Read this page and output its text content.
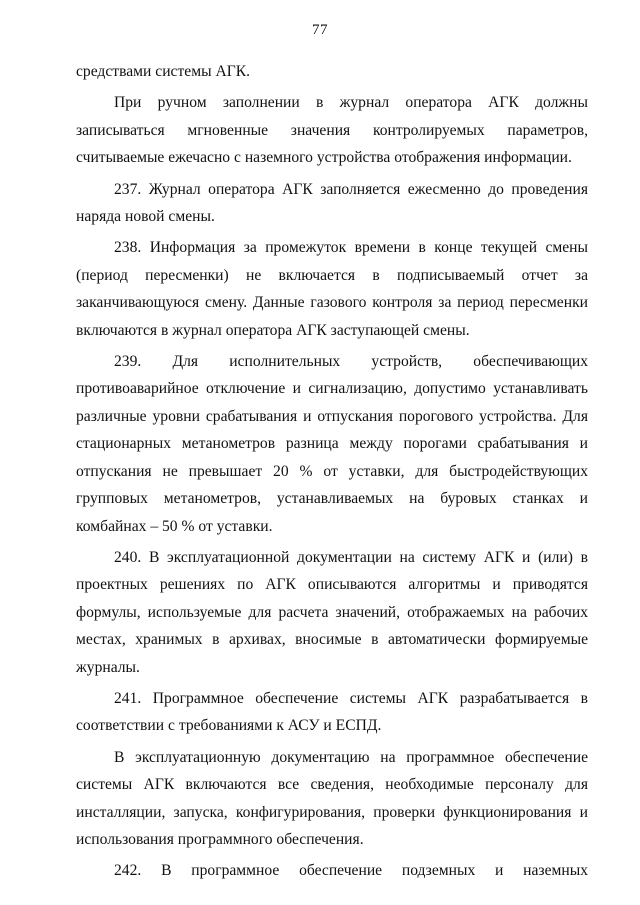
77

средствами системы АГК.

При ручном заполнении в журнал оператора АГК должны записываться мгновенные значения контролируемых параметров, считываемые ежечасно с наземного устройства отображения информации.

237. Журнал оператора АГК заполняется ежесменно до проведения наряда новой смены.

238. Информация за промежуток времени в конце текущей смены (период пересменки) не включается в подписываемый отчет за заканчивающуюся смену. Данные газового контроля за период пересменки включаются в журнал оператора АГК заступающей смены.

239. Для исполнительных устройств, обеспечивающих противоаварийное отключение и сигнализацию, допустимо устанавливать различные уровни срабатывания и отпускания порогового устройства. Для стационарных метанометров разница между порогами срабатывания и отпускания не превышает 20 % от уставки, для быстродействующих групповых метанометров, устанавливаемых на буровых станках и комбайнах – 50 % от уставки.

240. В эксплуатационной документации на систему АГК и (или) в проектных решениях по АГК описываются алгоритмы и приводятся формулы, используемые для расчета значений, отображаемых на рабочих местах, хранимых в архивах, вносимые в автоматически формируемые журналы.

241. Программное обеспечение системы АГК разрабатывается в соответствии с требованиями к АСУ и ЕСПД.

В эксплуатационную документацию на программное обеспечение системы АГК включаются все сведения, необходимые персоналу для инсталляции, запуска, конфигурирования, проверки функционирования и использования программного обеспечения.

242. В программное обеспечение подземных и наземных
